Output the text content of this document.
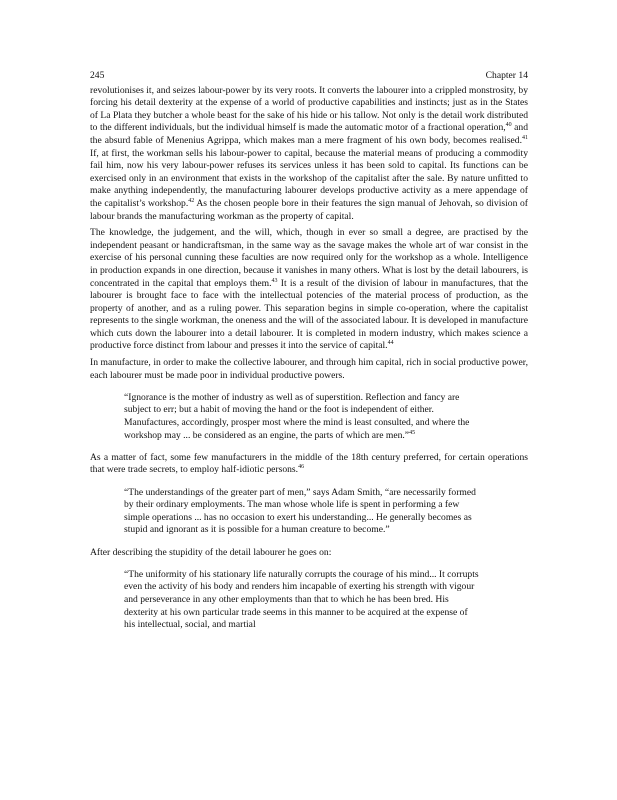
245	Chapter 14

revolutionises it, and seizes labour-power by its very roots. It converts the labourer into a crippled monstrosity, by forcing his detail dexterity at the expense of a world of productive capabilities and instincts; just as in the States of La Plata they butcher a whole beast for the sake of his hide or his tallow. Not only is the detail work distributed to the different individuals, but the individual himself is made the automatic motor of a fractional operation,$^{40}$ and the absurd fable of Menenius Agrippa, which makes man a mere fragment of his own body, becomes realised.$^{41}$ If, at first, the workman sells his labour-power to capital, because the material means of producing a commodity fail him, now his very labour-power refuses its services unless it has been sold to capital. Its functions can be exercised only in an environment that exists in the workshop of the capitalist after the sale. By nature unfitted to make anything independently, the manufacturing labourer develops productive activity as a mere appendage of the capitalist’s workshop.$^{42}$ As the chosen people bore in their features the sign manual of Jehovah, so division of labour brands the manufacturing workman as the property of capital.

The knowledge, the judgement, and the will, which, though in ever so small a degree, are practised by the independent peasant or handicraftsman, in the same way as the savage makes the whole art of war consist in the exercise of his personal cunning these faculties are now required only for the workshop as a whole. Intelligence in production expands in one direction, because it vanishes in many others. What is lost by the detail labourers, is concentrated in the capital that employs them.$^{43}$ It is a result of the division of labour in manufactures, that the labourer is brought face to face with the intellectual potencies of the material process of production, as the property of another, and as a ruling power. This separation begins in simple co-operation, where the capitalist represents to the single workman, the oneness and the will of the associated labour. It is developed in manufacture which cuts down the labourer into a detail labourer. It is completed in modern industry, which makes science a productive force distinct from labour and presses it into the service of capital.$^{44}$

In manufacture, in order to make the collective labourer, and through him capital, rich in social productive power, each labourer must be made poor in individual productive powers.

“Ignorance is the mother of industry as well as of superstition. Reflection and fancy are subject to err; but a habit of moving the hand or the foot is independent of either. Manufactures, accordingly, prosper most where the mind is least consulted, and where the workshop may ... be considered as an engine, the parts of which are men.”$^{45}$

As a matter of fact, some few manufacturers in the middle of the 18th century preferred, for certain operations that were trade secrets, to employ half-idiotic persons.$^{46}$

“The understandings of the greater part of men,” says Adam Smith, “are necessarily formed by their ordinary employments. The man whose whole life is spent in performing a few simple operations ... has no occasion to exert his understanding... He generally becomes as stupid and ignorant as it is possible for a human creature to become.”

After describing the stupidity of the detail labourer he goes on:

“The uniformity of his stationary life naturally corrupts the courage of his mind... It corrupts even the activity of his body and renders him incapable of exerting his strength with vigour and perseverance in any other employments than that to which he has been bred. His dexterity at his own particular trade seems in this manner to be acquired at the expense of his intellectual, social, and martial
